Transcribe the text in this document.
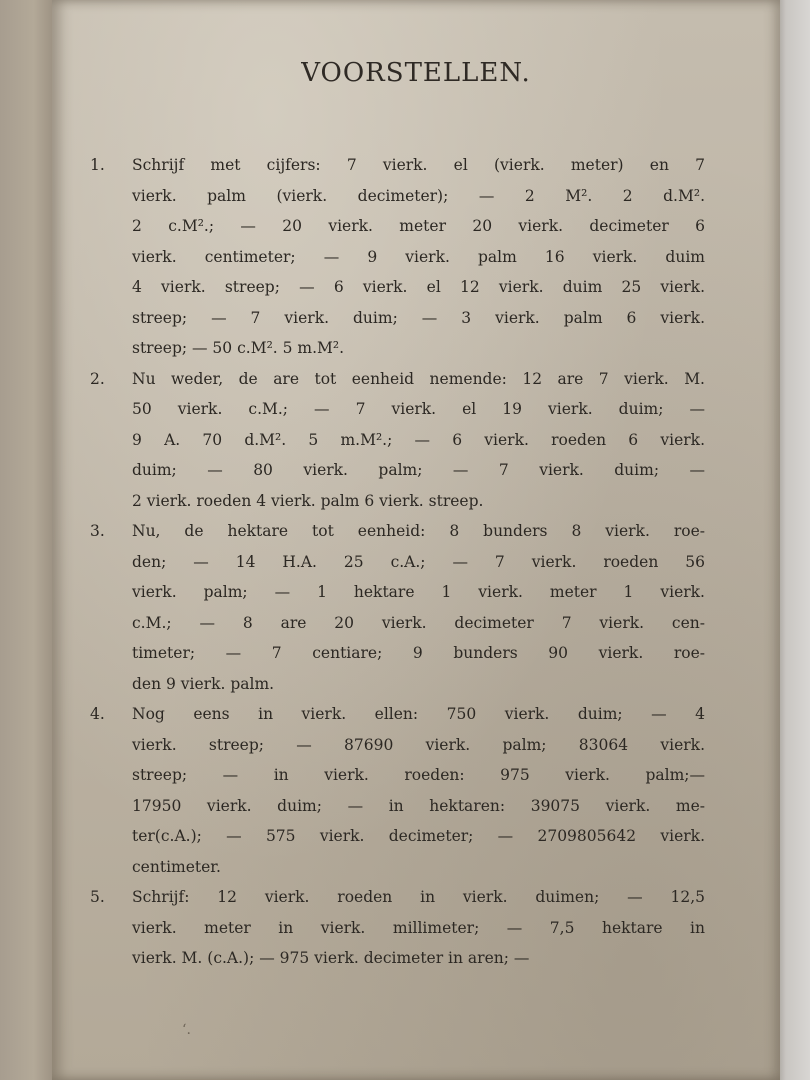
VOORSTELLEN.
1.	Schrijf met cijfers: 7 vierk. el (vierk. meter) en 7
vierk. palm (vierk. decimeter); — 2 M². 2 d.M².
2 c.M².; — 20 vierk. meter 20 vierk. decimeter 6
vierk. centimeter; — 9 vierk. palm 16 vierk. duim
4 vierk. streep; — 6 vierk. el 12 vierk. duim 25 vierk.
streep; — 7 vierk. duim; — 3 vierk. palm 6 vierk.
streep; — 50 c.M². 5 m.M².
2.	Nu weder, de are tot eenheid nemende: 12 are 7 vierk. M.
50 vierk. c.M.; — 7 vierk. el 19 vierk. duim; —
9 A. 70 d.M². 5 m.M².; — 6 vierk. roeden 6 vierk.
duim; — 80 vierk. palm; — 7 vierk. duim; —
2 vierk. roeden 4 vierk. palm 6 vierk. streep.
3.	Nu, de hektare tot eenheid: 8 bunders 8 vierk. roe-
den; — 14 H.A. 25 c.A.; — 7 vierk. roeden 56
vierk. palm; — 1 hektare 1 vierk. meter 1 vierk.
c.M.; — 8 are 20 vierk. decimeter 7 vierk. cen-
timeter; — 7 centiare; 9 bunders 90 vierk. roe-
den 9 vierk. palm.
4.	Nog eens in vierk. ellen: 750 vierk. duim; — 4
vierk. streep; — 87690 vierk. palm; 83064 vierk.
streep; — in vierk. roeden: 975 vierk. palm;—
17950 vierk. duim; — in hektaren: 39075 vierk. me-
ter(c.A.); — 575 vierk. decimeter; — 2709805642 vierk.
centimeter.
5.	Schrijf: 12 vierk. roeden in vierk. duimen; — 12,5
vierk. meter in vierk. millimeter; — 7,5 hektare in
vierk. M. (c.A.); — 975 vierk. decimeter in aren; —
ʻ.
